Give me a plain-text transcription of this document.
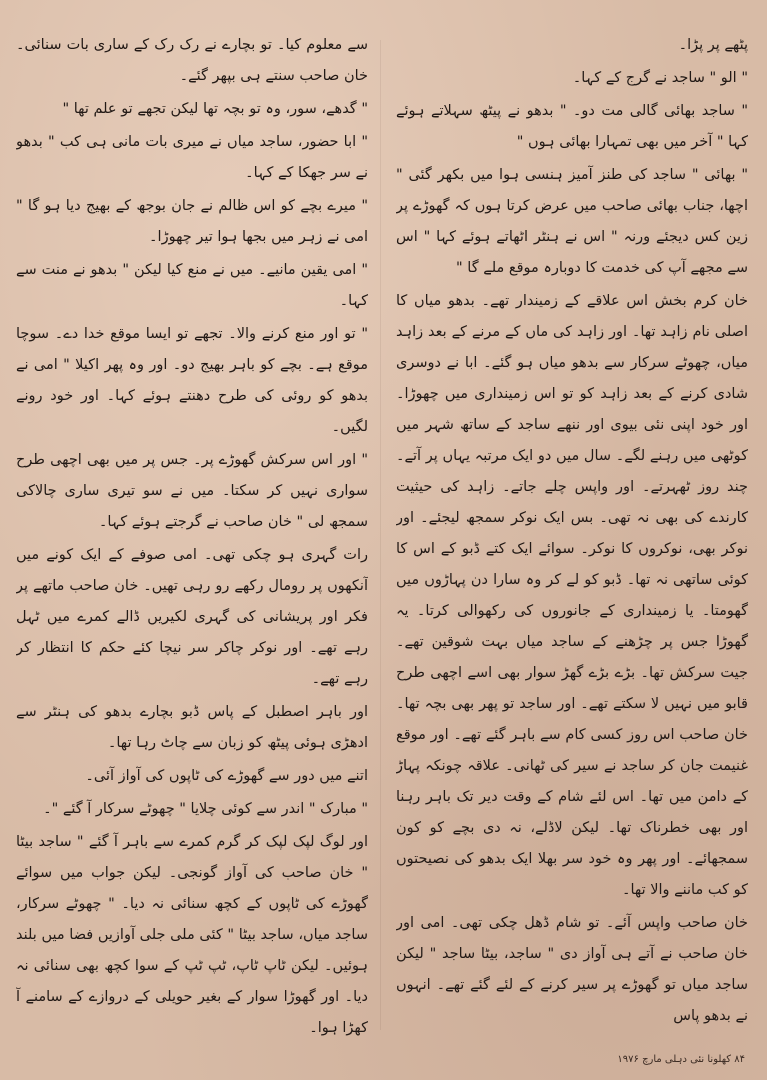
پٹھے پر پڑا۔

" الو " ساجد نے گرج کے کہا۔

" ساجد بھائی گالی مت دو۔ " بدھو نے پیٹھ سہلاتے ہوئے کہا " آخر میں بھی تمہارا بھائی ہوں "

" بھائی " ساجد کی طنز آمیز ہنسی ہوا میں بکھر گئی " اچھا، جناب بھائی صاحب میں عرض کرتا ہوں کہ گھوڑے پر زین کس دیجئے ورنہ " اس نے ہنٹر اٹھاتے ہوئے کہا " اس سے مجھے آپ کی خدمت کا دوبارہ موقع ملے گا "

خان کرم بخش اس علاقے کے زمیندار تھے۔ بدھو میاں کا اصلی نام زاہد تھا۔ اور زاہد کی ماں کے مرنے کے بعد زاہد میاں، چھوٹے سرکار سے بدھو میاں ہو گئے۔ ابا نے دوسری شادی کرنے کے بعد زاہد کو تو اس زمینداری میں چھوڑا۔ اور خود اپنی نئی بیوی اور ننھے ساجد کے ساتھ شہر میں کوٹھی میں رہنے لگے۔ سال میں دو ایک مرتبہ یہاں پر آتے۔ چند روز ٹھہرتے۔ اور واپس چلے جاتے۔ زاہد کی حیثیت کارندے کی بھی نہ تھی۔ بس ایک نوکر سمجھ لیجئے۔ اور نوکر بھی، نوکروں کا نوکر۔ سوائے ایک کتے ڈبو کے اس کا کوئی ساتھی نہ تھا۔ ڈبو کو لے کر وہ سارا دن پہاڑوں میں گھومتا۔ یا زمینداری کے جانوروں کی رکھوالی کرتا۔ یہ گھوڑا جس پر چڑھنے کے ساجد میاں بہت شوقین تھے۔ جیت سرکش تھا۔ بڑے بڑے گھڑ سوار بھی اسے اچھی طرح قابو میں نہیں لا سکتے تھے۔ اور ساجد تو پھر بھی بچہ تھا۔ خان صاحب اس روز کسی کام سے باہر گئے تھے۔ اور موقع غنیمت جان کر ساجد نے سیر کی ٹھانی۔ علاقہ چونکہ پہاڑ کے دامن میں تھا۔ اس لئے شام کے وقت دیر تک باہر رہنا اور بھی خطرناک تھا۔ لیکن لاڈلے، نہ دی بچے کو کون سمجھائے۔ اور پھر وہ خود سر بھلا ایک بدھو کی نصیحتوں کو کب ماننے والا تھا۔

خان صاحب واپس آئے۔ تو شام ڈھل چکی تھی۔ امی اور خان صاحب نے آتے ہی آواز دی " ساجد، بیٹا ساجد " لیکن ساجد میاں تو گھوڑے پر سیر کرنے کے لئے گئے تھے۔ انہوں نے بدھو پاس

سے معلوم کیا۔ تو بچارے نے رک رک کے ساری بات سنائی۔ خان صاحب سنتے ہی بپھر گئے۔

" گدھے، سور، وہ تو بچہ تھا لیکن تجھے تو علم تھا "

" ابا حضور، ساجد میاں نے میری بات مانی ہی کب " بدھو نے سر جھکا کے کہا۔

" میرے بچے کو اس ظالم نے جان بوجھ کے بھیج دیا ہو گا " امی نے زہر میں بجھا ہوا تیر چھوڑا۔

" امی یقین مانیے۔ میں نے منع کیا لیکن " بدھو نے منت سے کہا۔

" تو اور منع کرنے والا۔ تجھے تو ایسا موقع خدا دے۔ سوچا موقع ہے۔ بچے کو باہر بھیج دو۔ اور وہ پھر اکیلا " امی نے بدھو کو روئی کی طرح دھنتے ہوئے کہا۔ اور خود رونے لگیں۔

" اور اس سرکش گھوڑے پر۔ جس پر میں بھی اچھی طرح سواری نہیں کر سکتا۔ میں نے سو تیری ساری چالاکی سمجھ لی " خان صاحب نے گرجتے ہوئے کہا۔

رات گہری ہو چکی تھی۔ امی صوفے کے ایک کونے میں آنکھوں پر رومال رکھے رو رہی تھیں۔ خان صاحب ماتھے پر فکر اور پریشانی کی گہری لکیریں ڈالے کمرے میں ٹہل رہے تھے۔ اور نوکر چاکر سر نیچا کئے حکم کا انتظار کر رہے تھے۔

اور باہر اصطبل کے پاس ڈبو بچارے بدھو کی ہنٹر سے ادھڑی ہوئی پیٹھ کو زبان سے چاٹ رہا تھا۔

اتنے میں دور سے گھوڑے کی ٹاپوں کی آواز آئی۔

" مبارک " اندر سے کوئی چلایا " چھوٹے سرکار آ گئے "۔

اور لوگ لپک لپک کر گرم کمرے سے باہر آ گئے " ساجد بیٹا " خان صاحب کی آواز گونجی۔ لیکن جواب میں سوائے گھوڑے کی ٹاپوں کے کچھ سنائی نہ دیا۔ " چھوٹے سرکار، ساجد میاں، ساجد بیٹا " کئی ملی جلی آوازیں فضا میں بلند ہوئیں۔ لیکن ٹاپ ٹاپ، ٹپ ٹپ کے سوا کچھ بھی سنائی نہ دیا۔ اور گھوڑا سوار کے بغیر حویلی کے دروازے کے سامنے آ کھڑا ہوا۔

۸۴ کھلونا نئی دہلی مارچ ۱۹۷۶
